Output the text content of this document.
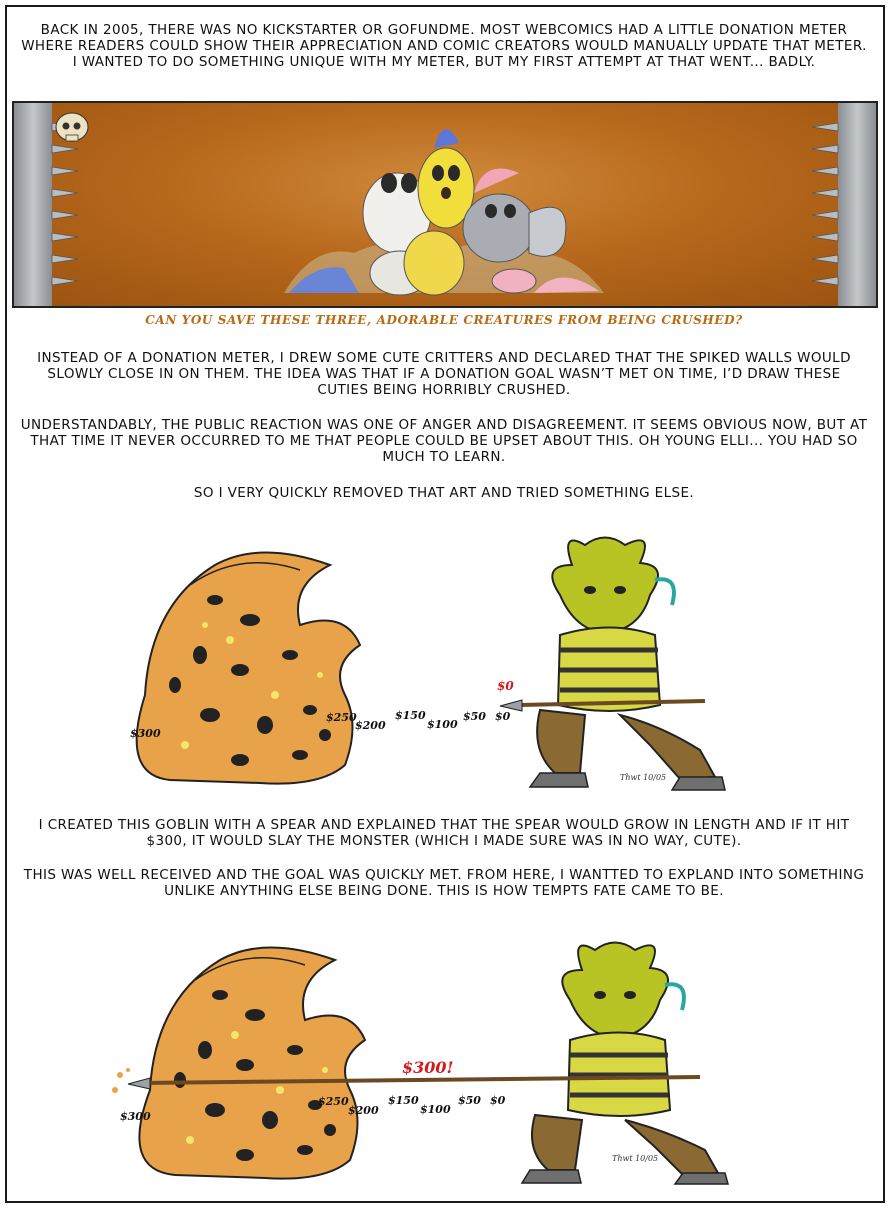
BACK IN 2005, THERE WAS NO KICKSTARTER OR GOFUNDME. MOST WEBCOMICS HAD A LITTLE DONATION METER WHERE READERS COULD SHOW THEIR APPRECIATION AND COMIC CREATORS WOULD MANUALLY UPDATE THAT METER. I WANTED TO DO SOMETHING UNIQUE WITH MY METER, BUT MY FIRST ATTEMPT AT THAT WENT... BADLY.

CAN YOU SAVE THESE THREE, ADORABLE CREATURES FROM BEING CRUSHED?

INSTEAD OF A DONATION METER, I DREW SOME CUTE CRITTERS AND DECLARED THAT THE SPIKED WALLS WOULD SLOWLY CLOSE IN ON THEM. THE IDEA WAS THAT IF A DONATION GOAL WASN’T MET ON TIME, I’D DRAW THESE CUTIES BEING HORRIBLY CRUSHED.

UNDERSTANDABLY, THE PUBLIC REACTION WAS ONE OF ANGER AND DISAGREEMENT. IT SEEMS OBVIOUS NOW, BUT AT THAT TIME IT NEVER OCCURRED TO ME THAT PEOPLE COULD BE UPSET ABOUT THIS. OH YOUNG ELLI... YOU HAD SO MUCH TO LEARN.

SO I VERY QUICKLY REMOVED THAT ART AND TRIED SOMETHING ELSE.

$0
$300
$250
$200
$150
$100
$50 $0
Thwt 10/05

I CREATED THIS GOBLIN WITH A SPEAR AND EXPLAINED THAT THE SPEAR WOULD GROW IN LENGTH AND IF IT HIT $300, IT WOULD SLAY THE MONSTER (WHICH I MADE SURE WAS IN NO WAY, CUTE).

THIS WAS WELL RECEIVED AND THE GOAL WAS QUICKLY MET. FROM HERE, I WANTTED TO EXPLAND INTO SOMETHING UNLIKE ANYTHING ELSE BEING DONE. THIS IS HOW TEMPTS FATE CAME TO BE.

$300!
$300
$250
$200
$150
$100
$50 $0
Thwt 10/05
